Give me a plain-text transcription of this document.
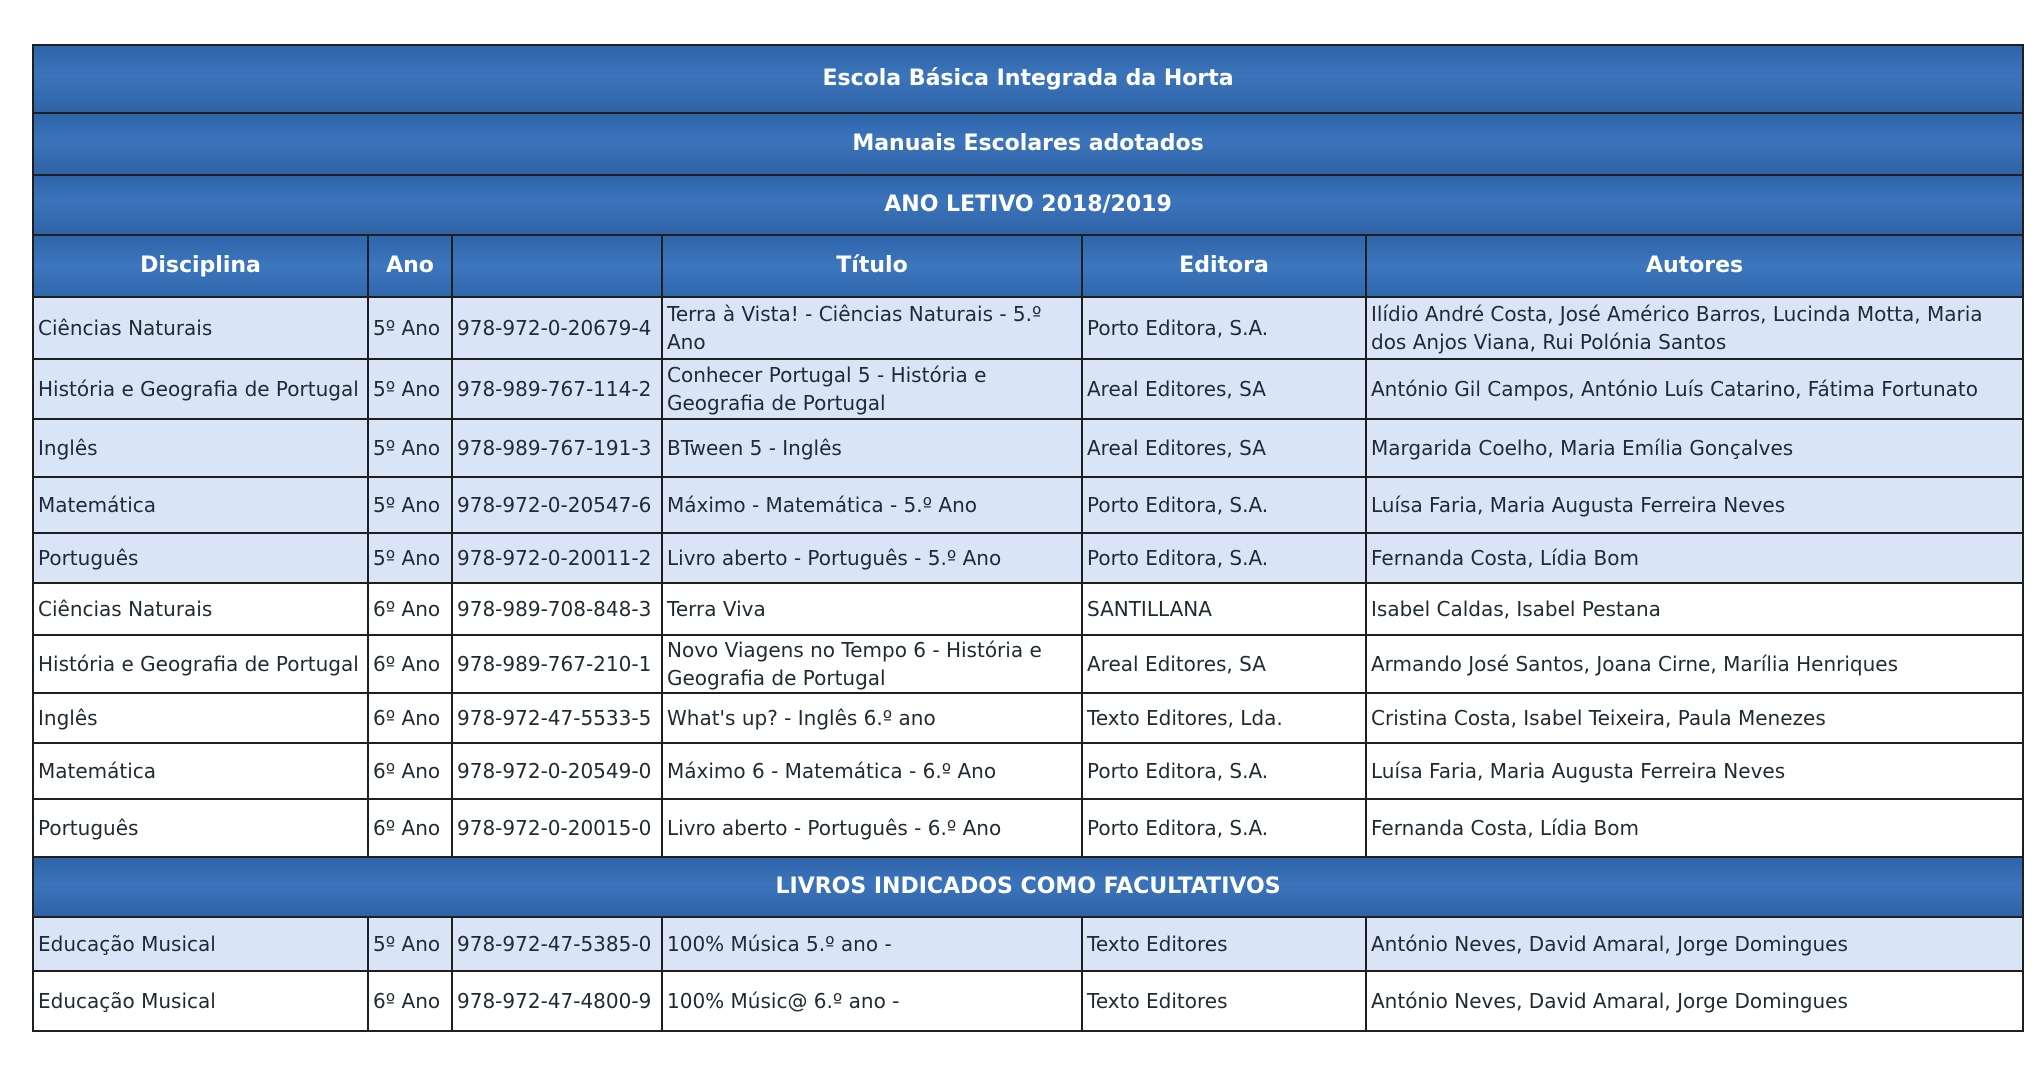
Escola Básica Integrada da Horta					
Manuais Escolares adotados					
ANO LETIVO 2018/2019					
Disciplina	Ano		Título	Editora	Autores
Ciências Naturais	5º Ano	978-972-0-20679-4	Terra à Vista! - Ciências Naturais - 5.º Ano	Porto Editora, S.A.	Ilídio André Costa, José Américo Barros, Lucinda Motta, Maria dos Anjos Viana, Rui Polónia Santos
História e Geografia de Portugal	5º Ano	978-989-767-114-2	Conhecer Portugal 5 - História e Geografia de Portugal	Areal Editores, SA	António Gil Campos, António Luís Catarino, Fátima Fortunato
Inglês	5º Ano	978-989-767-191-3	BTween 5 - Inglês	Areal Editores, SA	Margarida Coelho, Maria Emília Gonçalves
Matemática	5º Ano	978-972-0-20547-6	Máximo - Matemática - 5.º Ano	Porto Editora, S.A.	Luísa Faria, Maria Augusta Ferreira Neves
Português	5º Ano	978-972-0-20011-2	Livro aberto - Português - 5.º Ano	Porto Editora, S.A.	Fernanda Costa, Lídia Bom
Ciências Naturais	6º Ano	978-989-708-848-3	Terra Viva	SANTILLANA	Isabel Caldas, Isabel Pestana
História e Geografia de Portugal	6º Ano	978-989-767-210-1	Novo Viagens no Tempo 6 - História e Geografia de Portugal	Areal Editores, SA	Armando José Santos, Joana Cirne, Marília Henriques
Inglês	6º Ano	978-972-47-5533-5	What's up? - Inglês 6.º ano	Texto Editores, Lda.	Cristina Costa, Isabel Teixeira, Paula Menezes
Matemática	6º Ano	978-972-0-20549-0	Máximo 6 - Matemática - 6.º Ano	Porto Editora, S.A.	Luísa Faria, Maria Augusta Ferreira Neves
Português	6º Ano	978-972-0-20015-0	Livro aberto - Português - 6.º Ano	Porto Editora, S.A.	Fernanda Costa, Lídia Bom
LIVROS INDICADOS COMO FACULTATIVOS					
Educação Musical	5º Ano	978-972-47-5385-0	100% Música 5.º ano -	Texto Editores	António Neves, David Amaral, Jorge Domingues
Educação Musical	6º Ano	978-972-47-4800-9	100% Músic@ 6.º ano -	Texto Editores	António Neves, David Amaral, Jorge Domingues
